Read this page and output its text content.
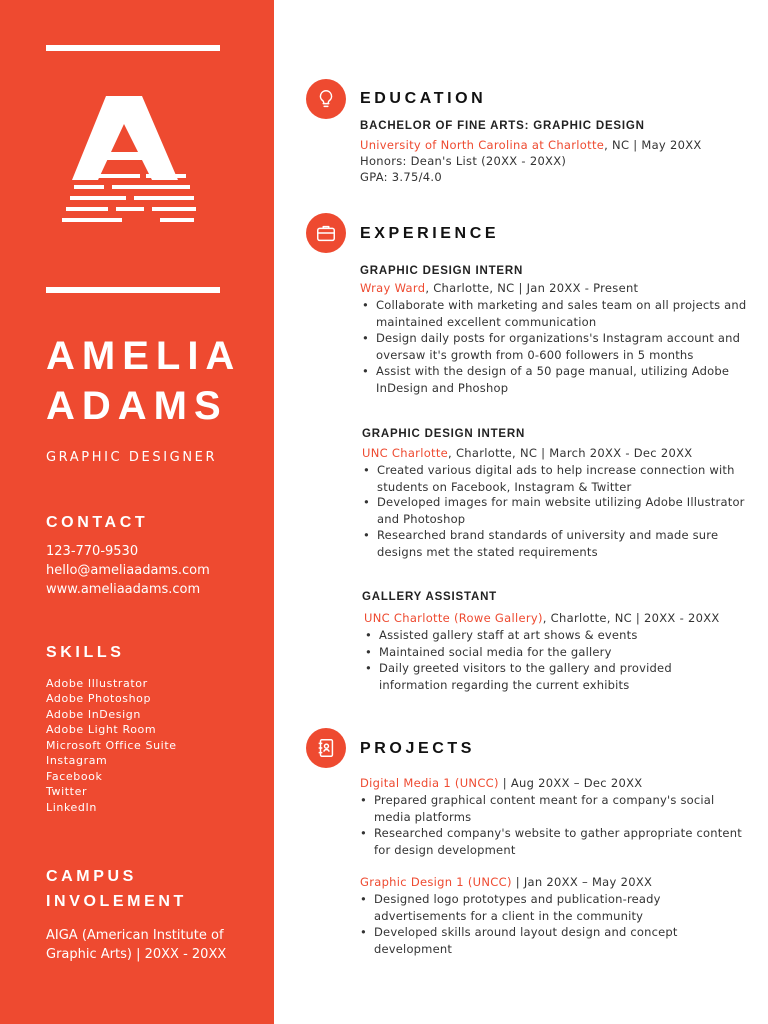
AMELIA
ADAMS
GRAPHIC DESIGNER
CONTACT
123-770-9530
hello@ameliaadams.com
www.ameliaadams.com
SKILLS
Adobe Illustrator
Adobe Photoshop
Adobe InDesign
Adobe Light Room
Microsoft Office Suite
Instagram
Facebook
Twitter
LinkedIn
CAMPUS
INVOLEMENT
AIGA (American Institute of Graphic Arts) | 20XX - 20XX
EDUCATION
BACHELOR OF FINE ARTS: GRAPHIC DESIGN
University of North Carolina at Charlotte, NC | May 20XX
Honors: Dean's List (20XX - 20XX)
GPA: 3.75/4.0
EXPERIENCE
GRAPHIC DESIGN INTERN
Wray Ward, Charlotte, NC | Jan 20XX - Present
• Collaborate with marketing and sales team on all projects and maintained excellent communication
• Design daily posts for organizations's Instagram account and oversaw it's growth from 0-600 followers in 5 months
• Assist with the design of a 50 page manual, utilizing Adobe InDesign and Phoshop
GRAPHIC DESIGN INTERN
UNC Charlotte, Charlotte, NC | March 20XX - Dec 20XX
• Created various digital ads to help increase connection with students on Facebook, Instagram & Twitter
• Developed images for main website utilizing Adobe Illustrator and Photoshop
• Researched brand standards of university and made sure designs met the stated requirements
GALLERY ASSISTANT
UNC Charlotte (Rowe Gallery), Charlotte, NC | 20XX - 20XX
• Assisted gallery staff at art shows & events
• Maintained social media for the gallery
• Daily greeted visitors to the gallery and provided information regarding the current exhibits
PROJECTS
Digital Media 1 (UNCC) | Aug 20XX – Dec 20XX
• Prepared graphical content meant for a company's social media platforms
• Researched company's website to gather appropriate content for design development
Graphic Design 1 (UNCC) | Jan 20XX – May 20XX
• Designed logo prototypes and publication-ready advertisements for a client in the community
• Developed skills around layout design and concept development
